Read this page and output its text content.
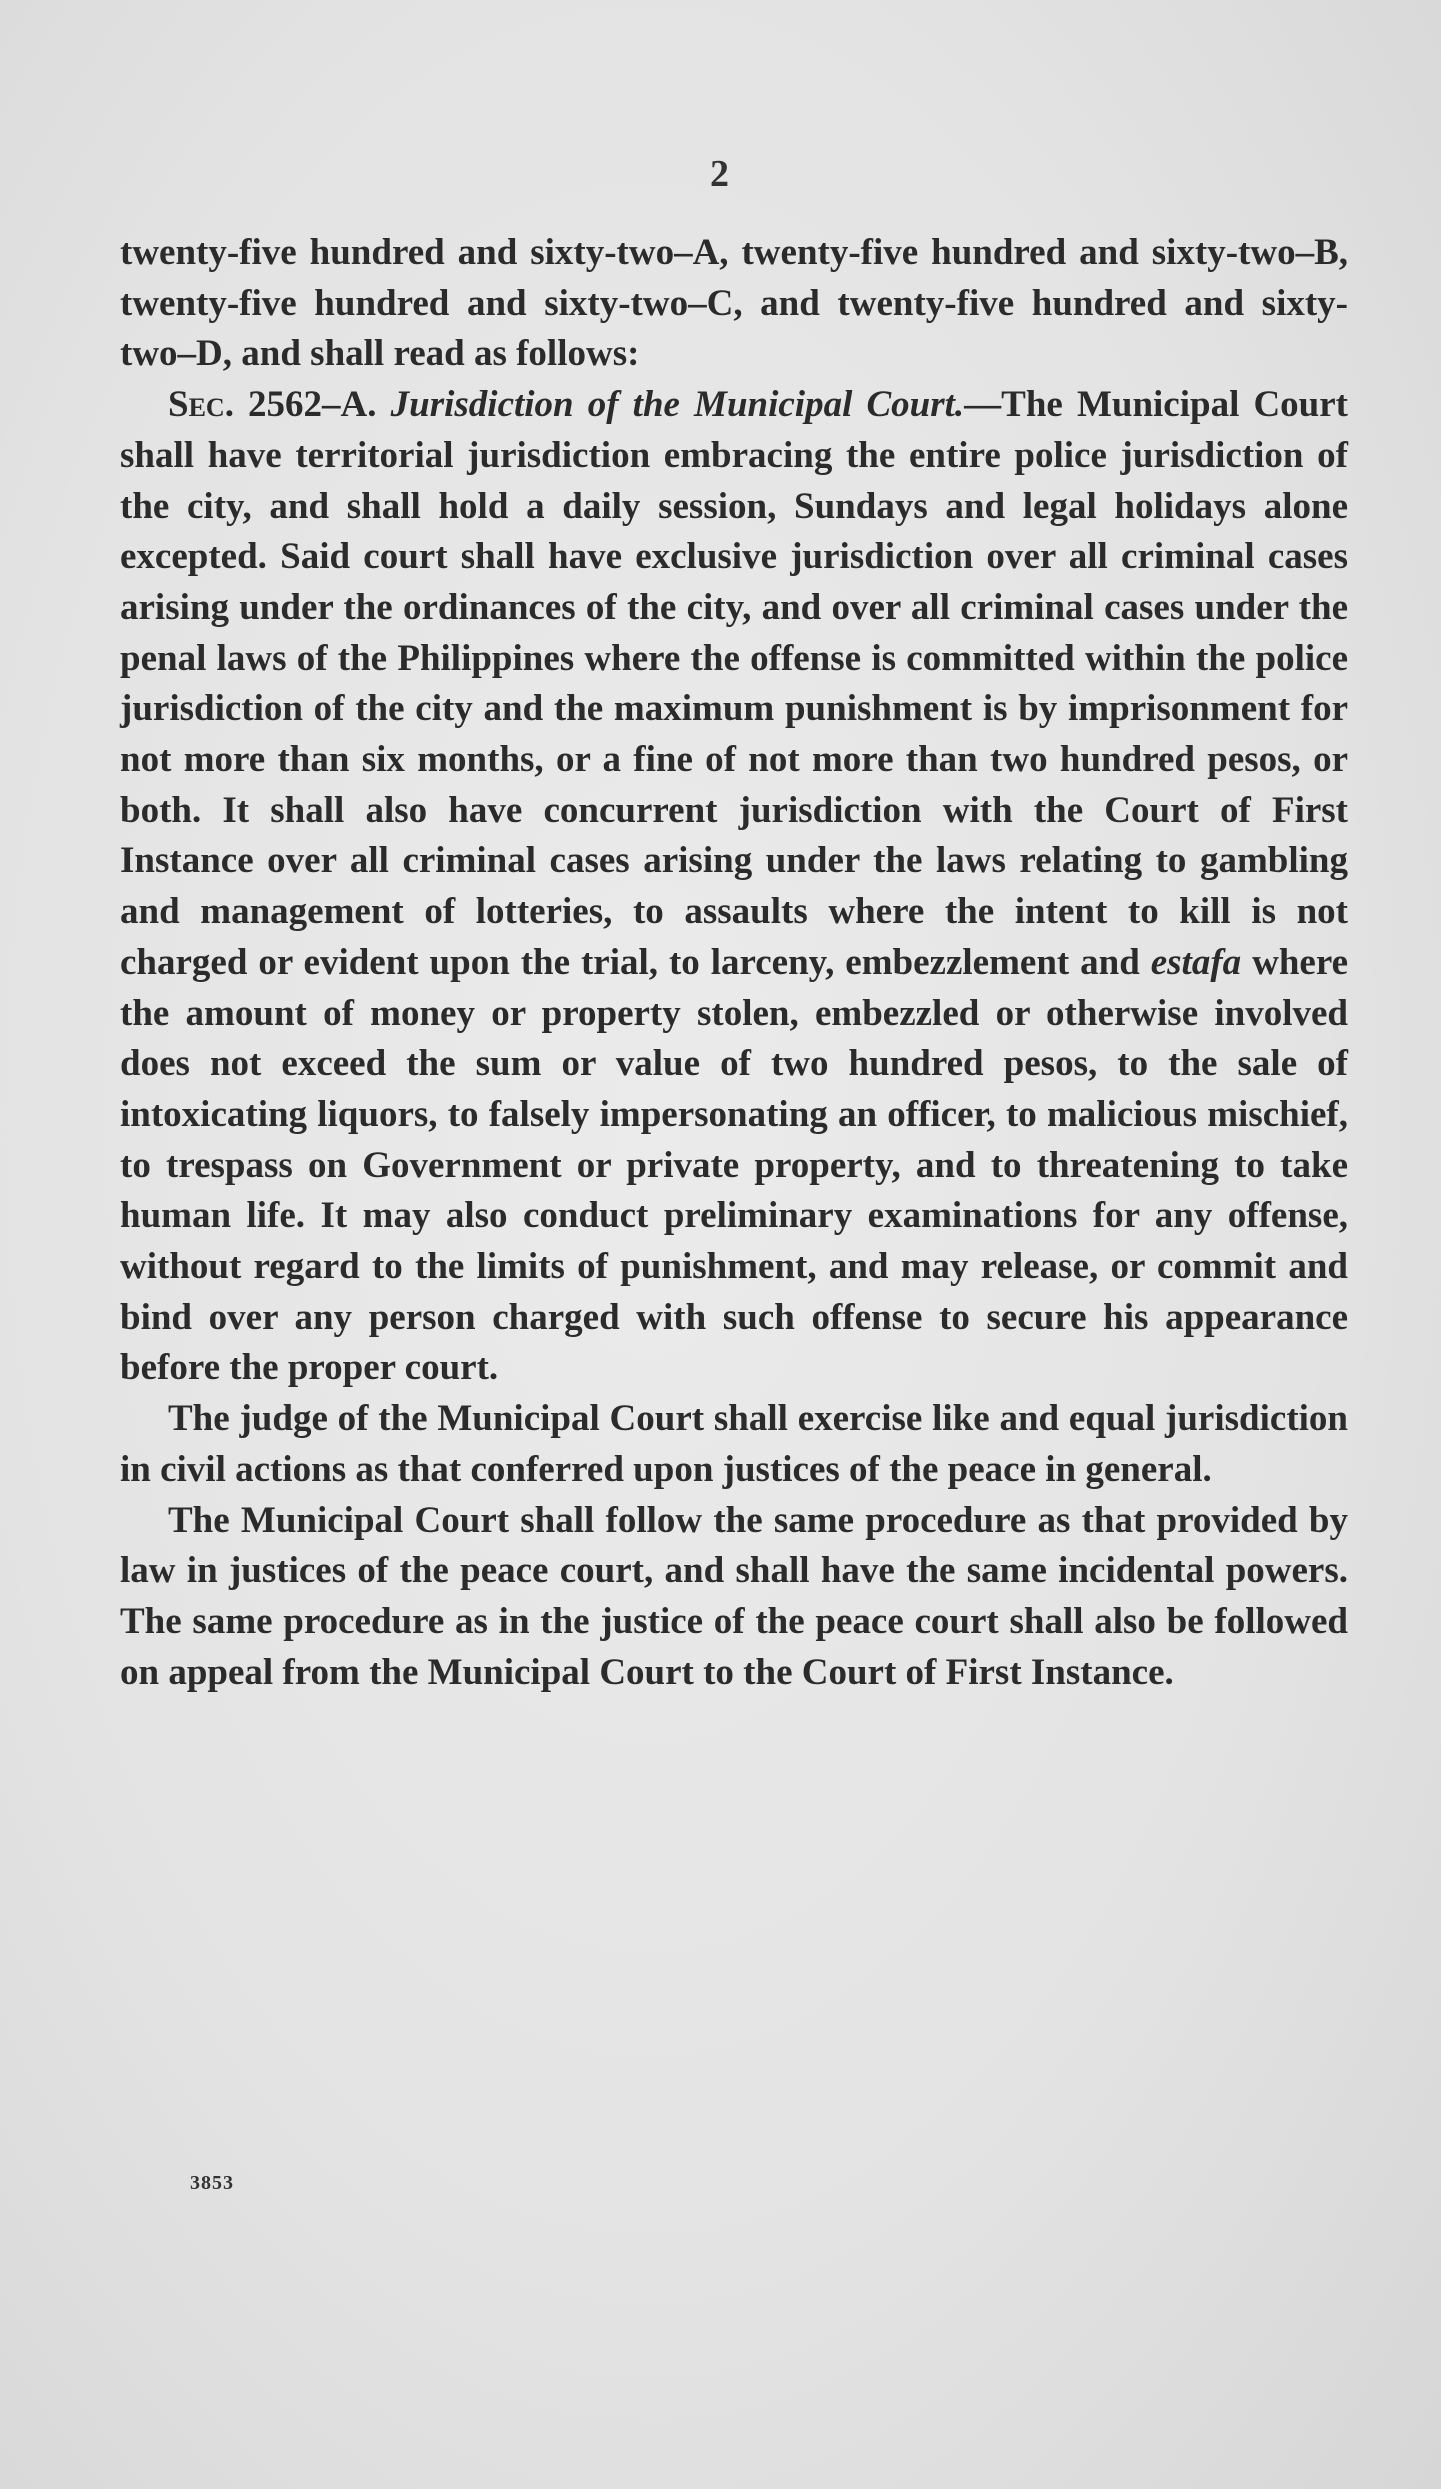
2

twenty-five hundred and sixty-two–A, twenty-five hundred and sixty-two–B, twenty-five hundred and sixty-two–C, and twenty-five hundred and sixty-two–D, and shall read as follows:

Sec. 2562–A. Jurisdiction of the Municipal Court.—The Municipal Court shall have territorial jurisdiction embracing the entire police jurisdiction of the city, and shall hold a daily session, Sundays and legal holidays alone excepted. Said court shall have exclusive jurisdiction over all criminal cases arising under the ordinances of the city, and over all criminal cases under the penal laws of the Philippines where the offense is committed within the police jurisdiction of the city and the maximum punishment is by imprisonment for not more than six months, or a fine of not more than two hundred pesos, or both. It shall also have concurrent jurisdiction with the Court of First Instance over all criminal cases arising under the laws relating to gambling and management of lotteries, to assaults where the intent to kill is not charged or evident upon the trial, to larceny, embezzlement and estafa where the amount of money or property stolen, embezzled or otherwise involved does not exceed the sum or value of two hundred pesos, to the sale of intoxicating liquors, to falsely impersonating an officer, to malicious mischief, to trespass on Government or private property, and to threatening to take human life. It may also conduct preliminary examinations for any offense, without regard to the limits of punishment, and may release, or commit and bind over any person charged with such offense to secure his appearance before the proper court.

The judge of the Municipal Court shall exercise like and equal jurisdiction in civil actions as that conferred upon justices of the peace in general.

The Municipal Court shall follow the same procedure as that provided by law in justices of the peace court, and shall have the same incidental powers. The same procedure as in the justice of the peace court shall also be followed on appeal from the Municipal Court to the Court of First Instance.

3853
